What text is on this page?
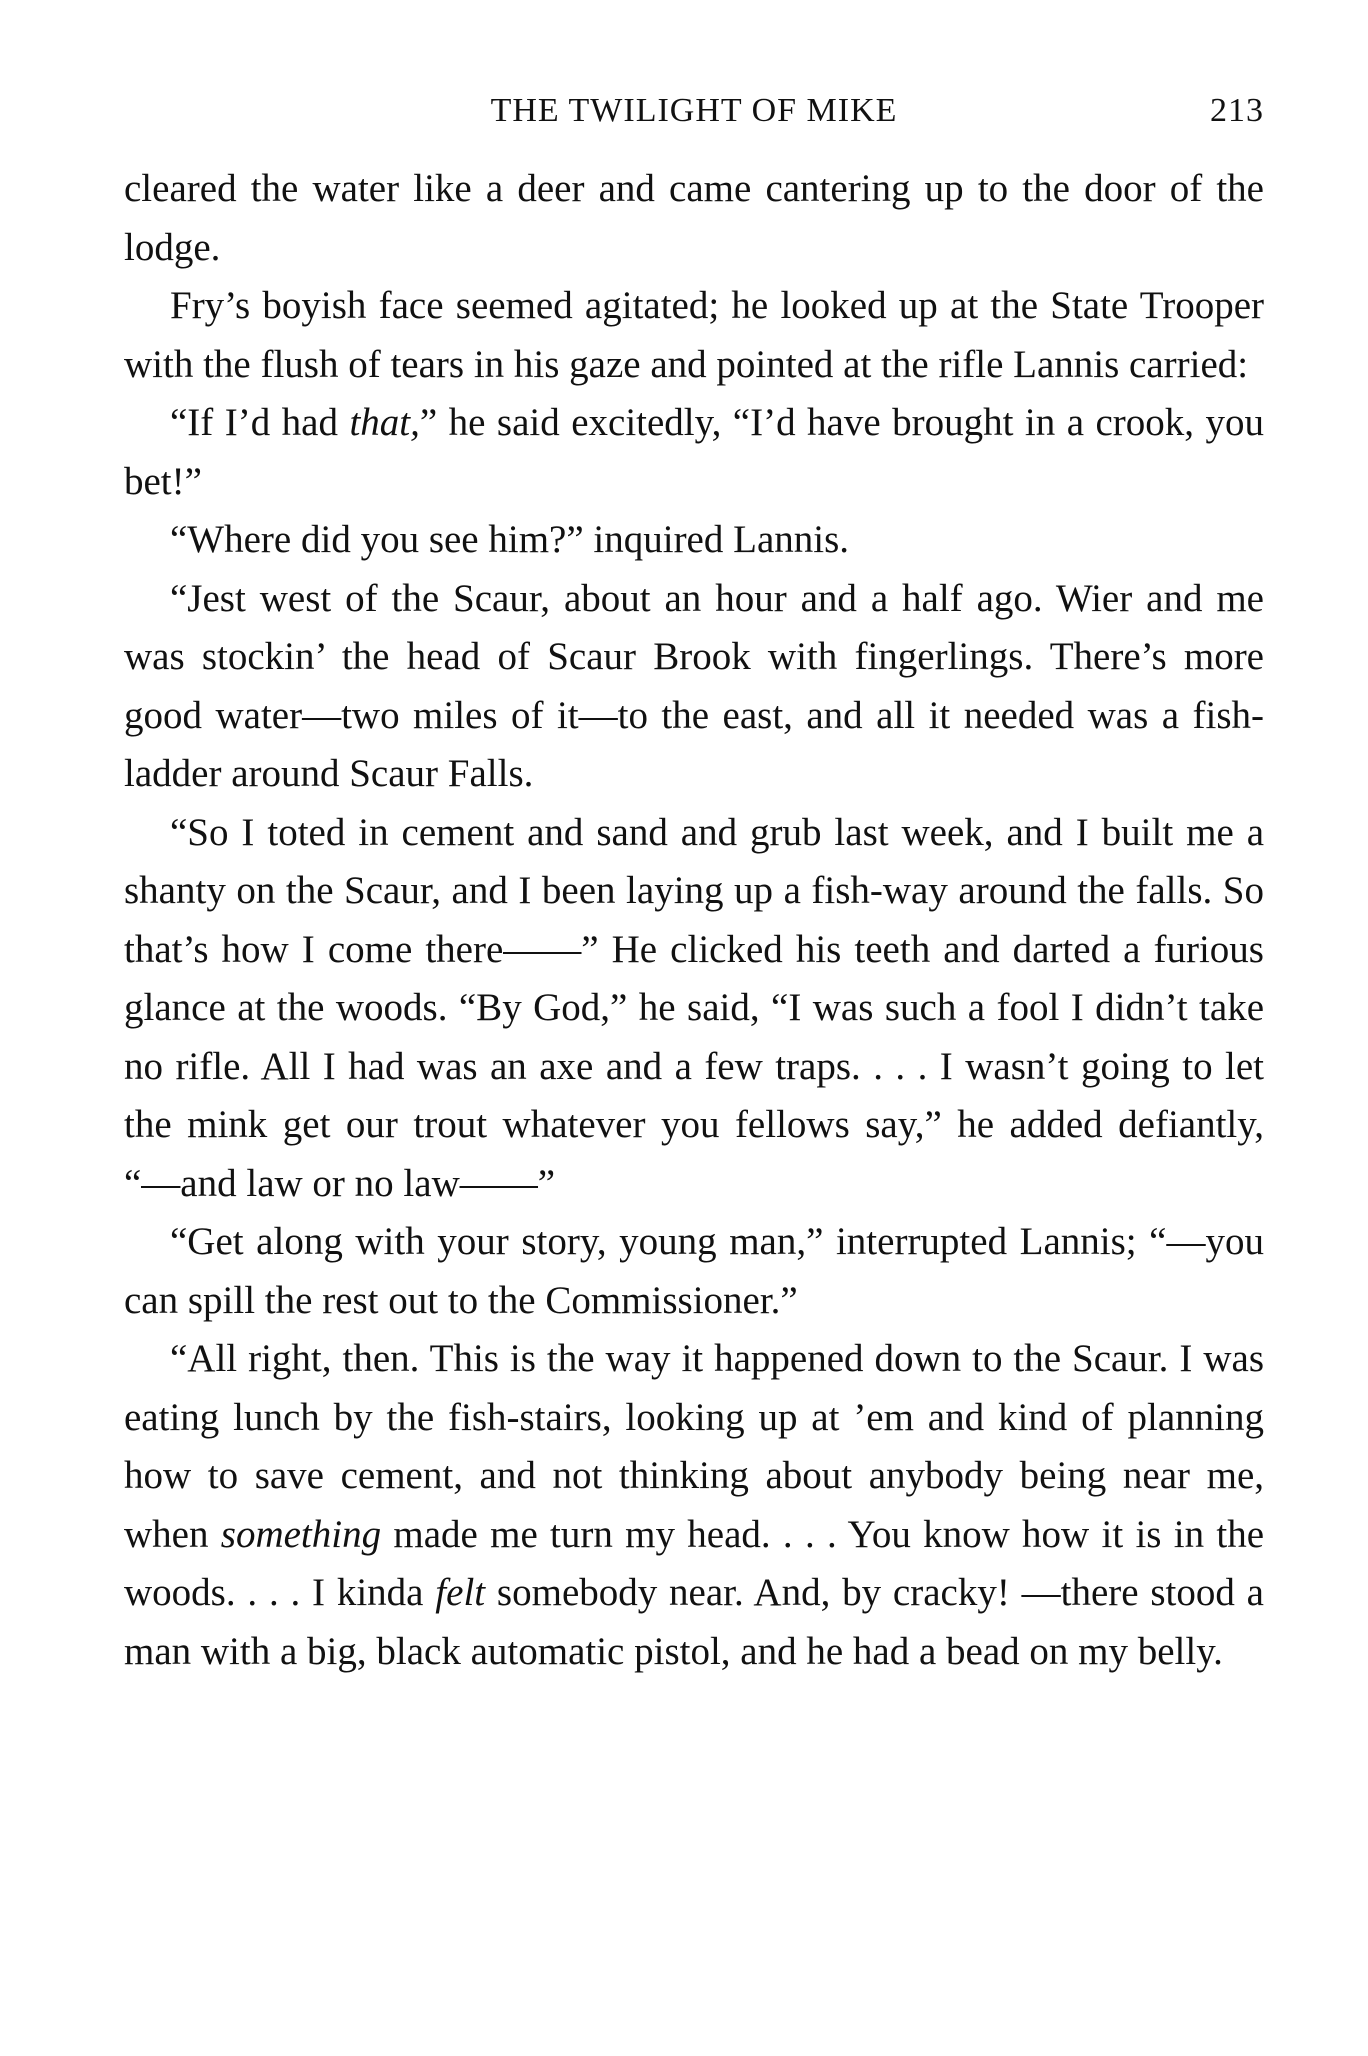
THE TWILIGHT OF MIKE	213

cleared the water like a deer and came cantering up to the door of the lodge.

Fry’s boyish face seemed agitated; he looked up at the State Trooper with the flush of tears in his gaze and pointed at the rifle Lannis carried:

“If I’d had that,” he said excitedly, “I’d have brought in a crook, you bet!”

“Where did you see him?” inquired Lannis.

“Jest west of the Scaur, about an hour and a half ago. Wier and me was stockin’ the head of Scaur Brook with fingerlings. There’s more good water—two miles of it—to the east, and all it needed was a fish-ladder around Scaur Falls.

“So I toted in cement and sand and grub last week, and I built me a shanty on the Scaur, and I been laying up a fish-way around the falls. So that’s how I come there——” He clicked his teeth and darted a furious glance at the woods. “By God,” he said, “I was such a fool I didn’t take no rifle. All I had was an axe and a few traps. . . . I wasn’t going to let the mink get our trout whatever you fellows say,” he added defiantly, “—and law or no law——”

“Get along with your story, young man,” interrupted Lannis; “—you can spill the rest out to the Commissioner.”

“All right, then. This is the way it happened down to the Scaur. I was eating lunch by the fish-stairs, looking up at ’em and kind of planning how to save cement, and not thinking about anybody being near me, when something made me turn my head. . . . You know how it is in the woods. . . . I kinda felt somebody near. And, by cracky! —there stood a man with a big, black automatic pistol, and he had a bead on my belly.
